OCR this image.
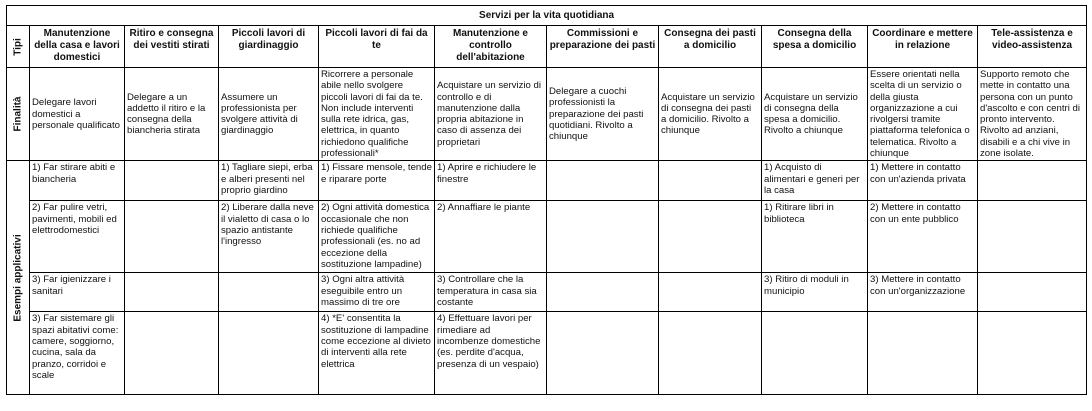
Servizi per la vita quotidiana										

Tipi	Manutenzione della casa e lavori domestici	Ritiro e consegna dei vestiti stirati	Piccoli lavori di giardinaggio	Piccoli lavori di fai da te	Manutenzione e controllo dell'abitazione	Commissioni e preparazione dei pasti	Consegna dei pasti a domicilio	Consegna della spesa a domicilio	Coordinare e mettere in relazione	Tele-assistenza e video-assistenza

Finalità	Delegare lavori domestici a personale qualificato	Delegare a un addetto il ritiro e la consegna della biancheria stirata	Assumere un professionista per svolgere attività di giardinaggio	Ricorrere a personale abile nello svolgere piccoli lavori di fai da te. Non include interventi sulla rete idrica, gas, elettrica, in quanto richiedono qualifiche professionali*	Acquistare un servizio di controllo e di manutenzione dalla propria abitazione in caso di assenza dei proprietari	Delegare a cuochi professionisti la preparazione dei pasti quotidiani. Rivolto a chiunque	Acquistare un servizio di consegna dei pasti a domicilio. Rivolto a chiunque	Acquistare un servizio di consegna della spesa a domicilio. Rivolto a chiunque	Essere orientati nella scelta di un servizio o della giusta organizzazione a cui rivolgersi tramite piattaforma telefonica o telematica. Rivolto a chiunque	Supporto remoto che mette in contatto una persona con un punto d'ascolto e con centri di pronto intervento. Rivolto ad anziani, disabili e a chi vive in zone isolate.

Esempi applicativi	1) Far stirare abiti e biancheria		1) Tagliare siepi, erba e alberi presenti nel proprio giardino	1) Fissare mensole, tende e riparare porte	1) Aprire e richiudere le finestre			1) Acquisto di alimentari e generi per la casa	1) Mettere in contatto con un'azienda privata	
	2) Far pulire vetri, pavimenti, mobili ed elettrodomestici		2) Liberare dalla neve il vialetto di casa o lo spazio antistante l'ingresso	2) Ogni attività domestica occasionale che non richiede qualifiche professionali (es. no ad eccezione della sostituzione lampadine)	2) Annaffiare le piante			1) Ritirare libri in biblioteca	2) Mettere in contatto con un ente pubblico	
	3) Far igienizzare i sanitari			3) Ogni altra attività eseguibile entro un massimo di tre ore	3) Controllare che la temperatura in casa sia costante			3) Ritiro di moduli in municipio	3) Mettere in contatto con un'organizzazione	
	3) Far sistemare gli spazi abitativi come: camere, soggiorno, cucina, sala da pranzo, corridoi e scale			4) *E' consentita la sostituzione di lampadine come eccezione al divieto di interventi alla rete elettrica	4) Effettuare lavori per rimediare ad incombenze domestiche (es. perdite d'acqua, presenza di un vespaio)					
